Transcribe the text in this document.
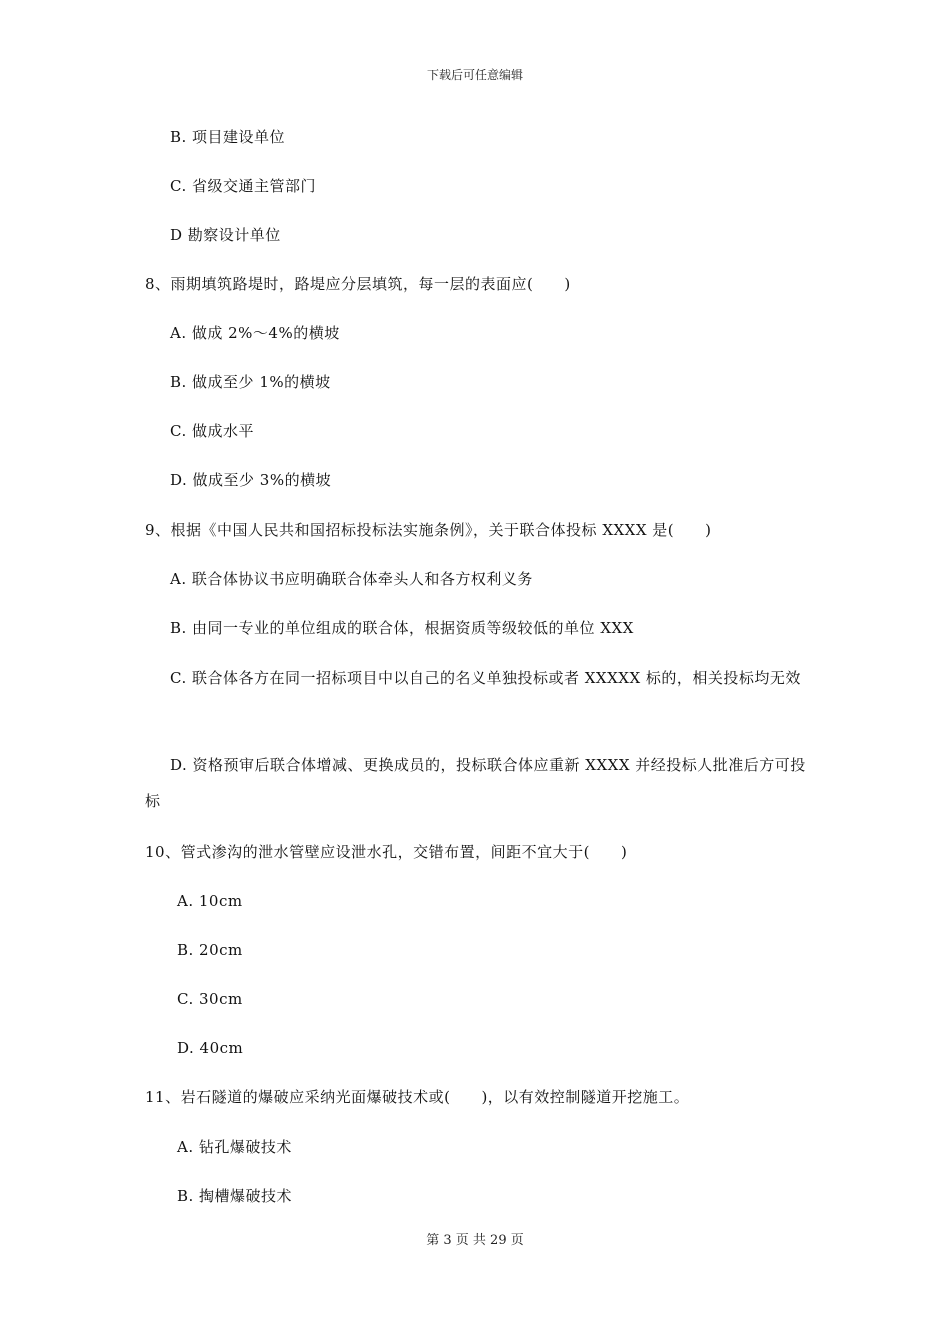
下载后可任意编辑
B. 项目建设单位
C. 省级交通主管部门
D 勘察设计单位
8、雨期填筑路堤时，路堤应分层填筑，每一层的表面应(　　)
A. 做成 2%～4%的横坡
B. 做成至少 1%的横坡
C. 做成水平
D. 做成至少 3%的横坡
9、根据《中国人民共和国招标投标法实施条例》，关于联合体投标 XXXX 是(　　)
A. 联合体协议书应明确联合体牵头人和各方权利义务
B. 由同一专业的单位组成的联合体，根据资质等级较低的单位 XXX
C. 联合体各方在同一招标项目中以自己的名义单独投标或者 XXXXX 标的，相关投标均无效
D. 资格预审后联合体增减、更换成员的，投标联合体应重新 XXXX 并经投标人批准后方可投标
10、管式渗沟的泄水管壁应设泄水孔，交错布置，间距不宜大于(　　)
A. 10cm
B. 20cm
C. 30cm
D. 40cm
11、岩石隧道的爆破应采纳光面爆破技术或(　　)，以有效控制隧道开挖施工。
A. 钻孔爆破技术
B. 掏槽爆破技术
第 3 页 共 29 页
